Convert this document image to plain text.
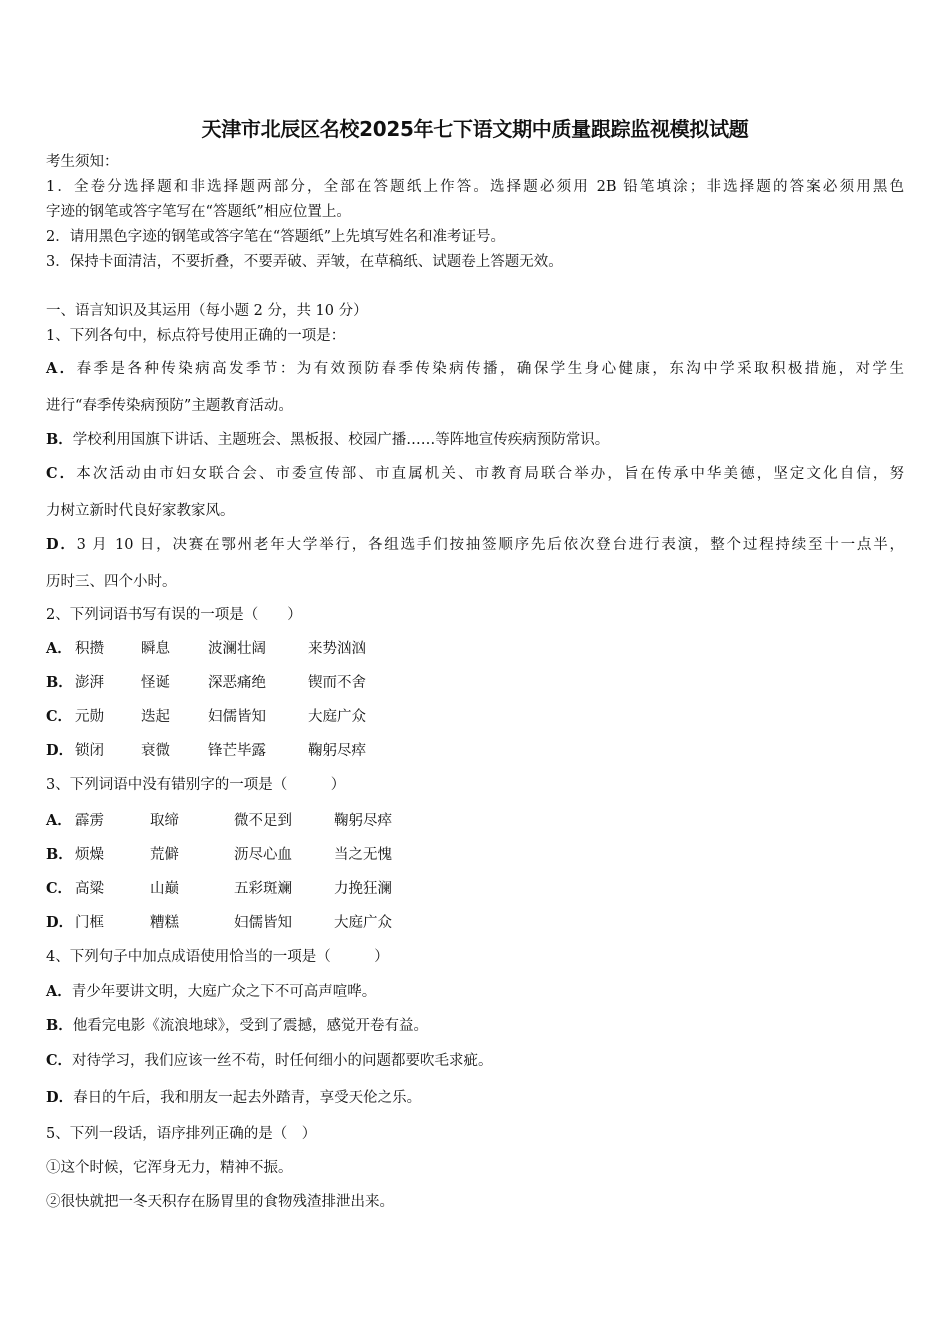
天津市北辰区名校2025年七下语文期中质量跟踪监视模拟试题
考生须知：
1．全卷分选择题和非选择题两部分，全部在答题纸上作答。选择题必须用 2B 铅笔填涂；非选择题的答案必须用黑色
字迹的钢笔或答字笔写在“答题纸”相应位置上。
2．请用黑色字迹的钢笔或答字笔在“答题纸”上先填写姓名和准考证号。
3．保持卡面清洁，不要折叠，不要弄破、弄皱，在草稿纸、试题卷上答题无效。
一、语言知识及其运用（每小题 2 分，共 10 分）
1、下列各句中，标点符号使用正确的一项是：
A．春季是各种传染病高发季节：为有效预防春季传染病传播，确保学生身心健康，东沟中学采取积极措施，对学生
进行“春季传染病预防”主题教育活动。
B．学校利用国旗下讲话、主题班会、黑板报、校园广播……等阵地宣传疾病预防常识。
C．本次活动由市妇女联合会、市委宣传部、市直属机关、市教育局联合举办，旨在传承中华美德，坚定文化自信，努
力树立新时代良好家教家风。
D．3 月 10 日，决赛在鄂州老年大学举行，各组选手们按抽签顺序先后依次登台进行表演，整个过程持续至十一点半，
历时三、四个小时。
2、下列词语书写有误的一项是（　　）
A． 积攒	瞬息	波澜壮阔	来势汹汹
B． 澎湃	怪诞	深恶痛绝	锲而不舍
C． 元勋	迭起	妇儒皆知	大庭广众
D． 锁闭	衰微	锋芒毕露	鞠躬尽瘁
3、下列词语中没有错别字的一项是（　　　）
A． 霹雳	取缔	微不足到	鞠躬尽瘁
B． 烦燥	荒僻	沥尽心血	当之无愧
C． 高粱	山巅	五彩斑斓	力挽狂澜
D． 门框	糟糕	妇儒皆知	大庭广众
4、下列句子中加点成语使用恰当的一项是（　　　）
A．青少年要讲文明，大庭广众之下不可高声喧哗。
B．他看完电影《流浪地球》，受到了震撼，感觉开卷有益。
C．对待学习，我们应该一丝不苟，时任何细小的问题都要吹毛求疵。
D．春日的午后，我和朋友一起去外踏青，享受天伦之乐。
5、下列一段话，语序排列正确的是（　）
①这个时候，它浑身无力，精神不振。
②很快就把一冬天积存在肠胃里的食物残渣排泄出来。
